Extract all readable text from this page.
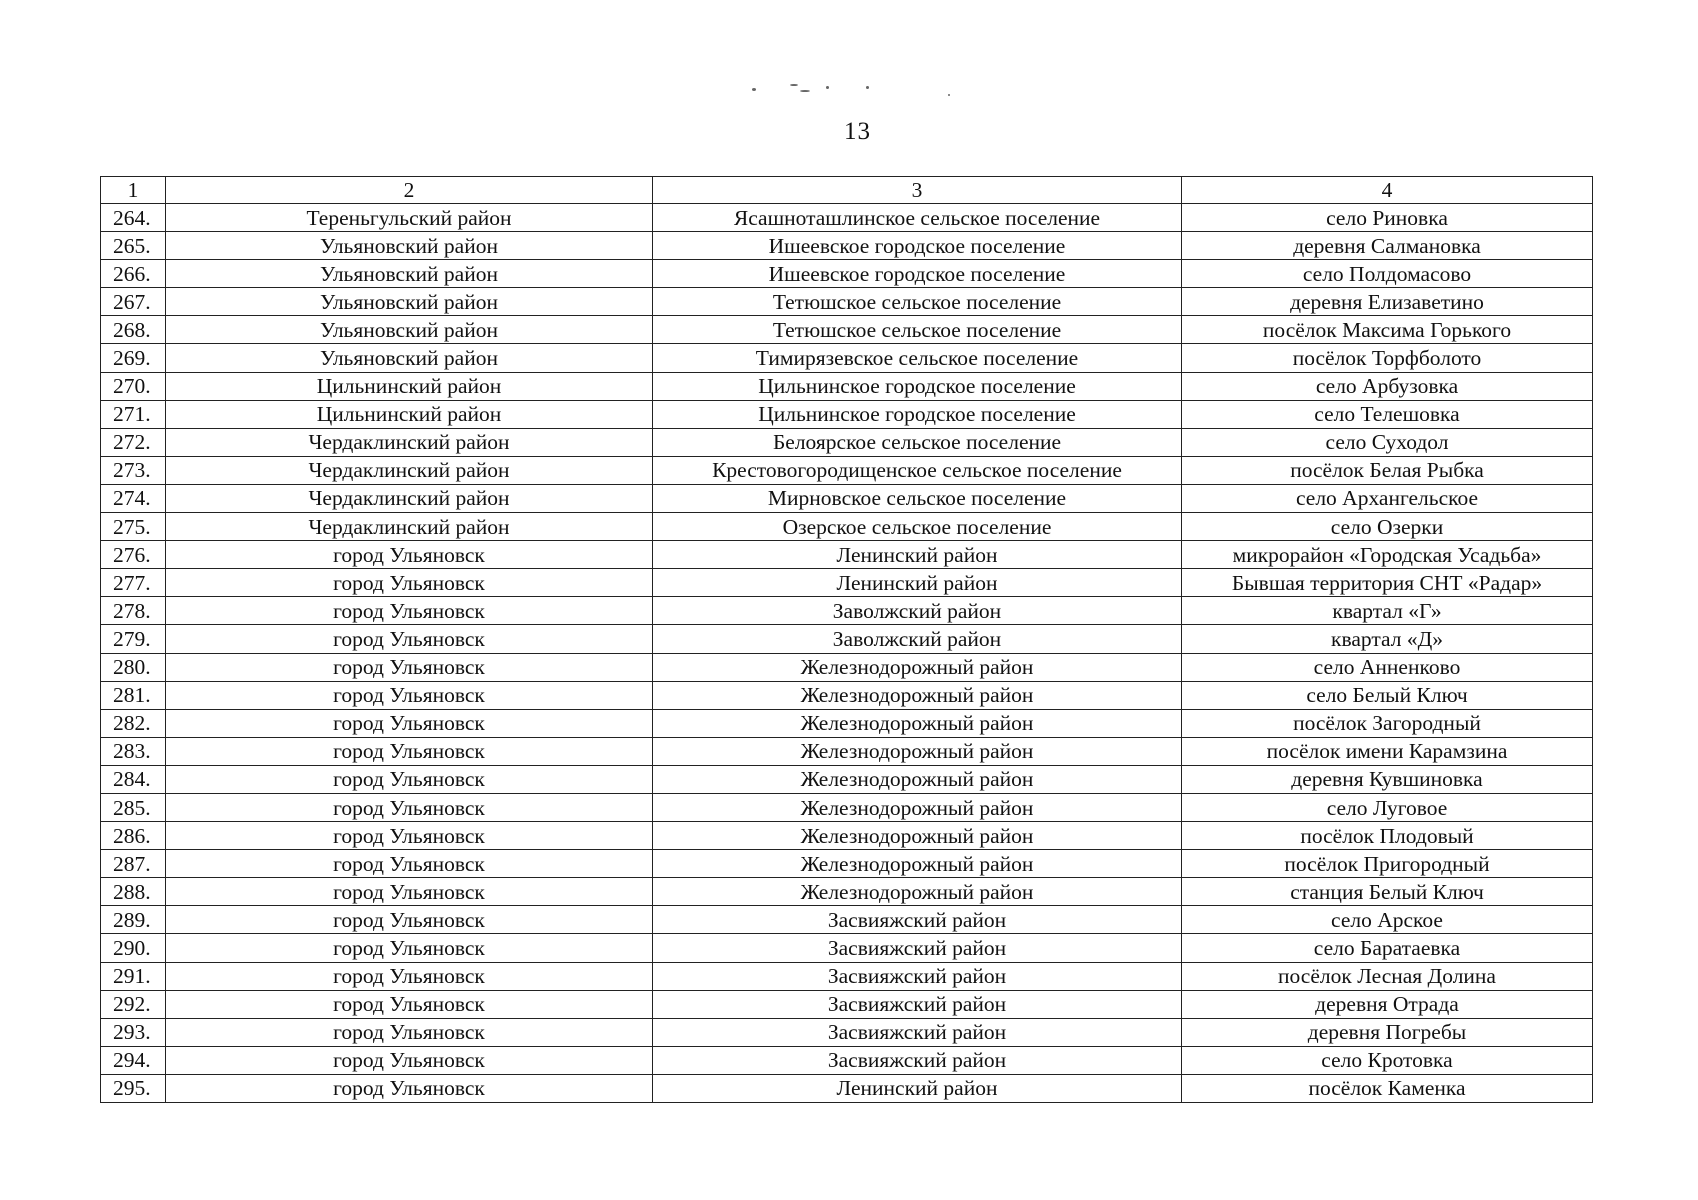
13
1	2	3	4
264.	Тереньгульский район	Ясашноташлинское сельское поселение	село Риновка
265.	Ульяновский район	Ишеевское городское поселение	деревня Салмановка
266.	Ульяновский район	Ишеевское городское поселение	село Полдомасово
267.	Ульяновский район	Тетюшское сельское поселение	деревня Елизаветино
268.	Ульяновский район	Тетюшское сельское поселение	посёлок Максима Горького
269.	Ульяновский район	Тимирязевское сельское поселение	посёлок Торфболото
270.	Цильнинский район	Цильнинское городское поселение	село Арбузовка
271.	Цильнинский район	Цильнинское городское поселение	село Телешовка
272.	Чердаклинский район	Белоярское сельское поселение	село Суходол
273.	Чердаклинский район	Крестовогородищенское сельское поселение	посёлок Белая Рыбка
274.	Чердаклинский район	Мирновское сельское поселение	село Архангельское
275.	Чердаклинский район	Озерское сельское поселение	село Озерки
276.	город Ульяновск	Ленинский район	микрорайон «Городская Усадьба»
277.	город Ульяновск	Ленинский район	Бывшая территория СНТ «Радар»
278.	город Ульяновск	Заволжский район	квартал «Г»
279.	город Ульяновск	Заволжский район	квартал «Д»
280.	город Ульяновск	Железнодорожный район	село Анненково
281.	город Ульяновск	Железнодорожный район	село Белый Ключ
282.	город Ульяновск	Железнодорожный район	посёлок Загородный
283.	город Ульяновск	Железнодорожный район	посёлок имени Карамзина
284.	город Ульяновск	Железнодорожный район	деревня Кувшиновка
285.	город Ульяновск	Железнодорожный район	село Луговое
286.	город Ульяновск	Железнодорожный район	посёлок Плодовый
287.	город Ульяновск	Железнодорожный район	посёлок Пригородный
288.	город Ульяновск	Железнодорожный район	станция Белый Ключ
289.	город Ульяновск	Засвияжский район	село Арское
290.	город Ульяновск	Засвияжский район	село Баратаевка
291.	город Ульяновск	Засвияжский район	посёлок Лесная Долина
292.	город Ульяновск	Засвияжский район	деревня Отрада
293.	город Ульяновск	Засвияжский район	деревня Погребы
294.	город Ульяновск	Засвияжский район	село Кротовка
295.	город Ульяновск	Ленинский район	посёлок Каменка
